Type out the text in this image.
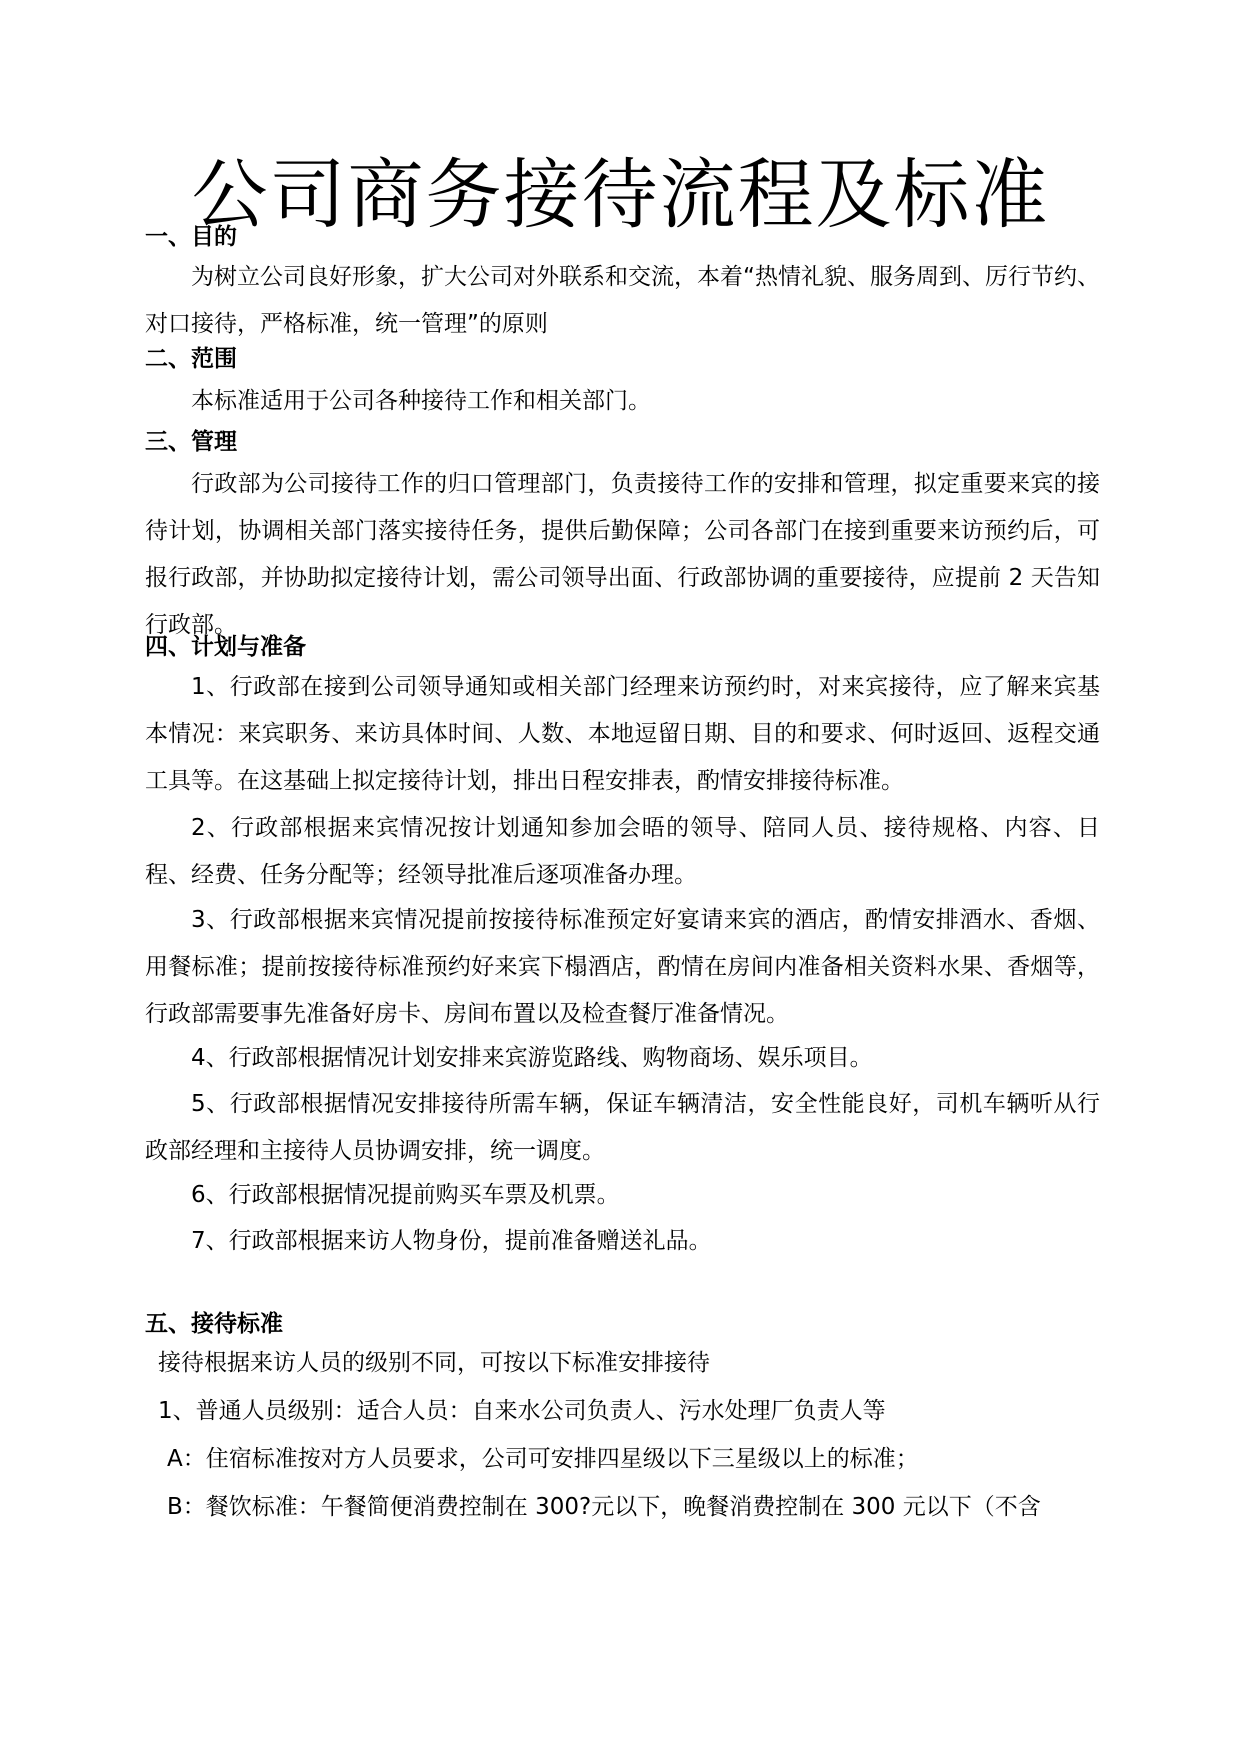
公司商务接待流程及标准
一、目的
为树立公司良好形象，扩大公司对外联系和交流，本着“热情礼貌、服务周到、厉行节约、对口接待，严格标准，统一管理”的原则
二、范围
本标准适用于公司各种接待工作和相关部门。
三、管理
行政部为公司接待工作的归口管理部门，负责接待工作的安排和管理，拟定重要来宾的接待计划，协调相关部门落实接待任务，提供后勤保障；公司各部门在接到重要来访预约后，可报行政部，并协助拟定接待计划，需公司领导出面、行政部协调的重要接待，应提前 2 天告知行政部。
四、计划与准备
1、行政部在接到公司领导通知或相关部门经理来访预约时，对来宾接待，应了解来宾基本情况：来宾职务、来访具体时间、人数、本地逗留日期、目的和要求、何时返回、返程交通工具等。在这基础上拟定接待计划，排出日程安排表，酌情安排接待标准。
2、行政部根据来宾情况按计划通知参加会晤的领导、陪同人员、接待规格、内容、日程、经费、任务分配等；经领导批准后逐项准备办理。
3、行政部根据来宾情况提前按接待标准预定好宴请来宾的酒店，酌情安排酒水、香烟、用餐标准；提前按接待标准预约好来宾下榻酒店，酌情在房间内准备相关资料水果、香烟等，行政部需要事先准备好房卡、房间布置以及检查餐厅准备情况。
4、行政部根据情况计划安排来宾游览路线、购物商场、娱乐项目。
5、行政部根据情况安排接待所需车辆，保证车辆清洁，安全性能良好，司机车辆听从行政部经理和主接待人员协调安排，统一调度。
6、行政部根据情况提前购买车票及机票。
7、行政部根据来访人物身份，提前准备赠送礼品。
五、接待标准
接待根据来访人员的级别不同，可按以下标准安排接待
1、普通人员级别：适合人员：自来水公司负责人、污水处理厂负责人等
A：住宿标准按对方人员要求，公司可安排四星级以下三星级以上的标准；
B：餐饮标准：午餐简便消费控制在 300?元以下，晚餐消费控制在 300 元以下（不含
